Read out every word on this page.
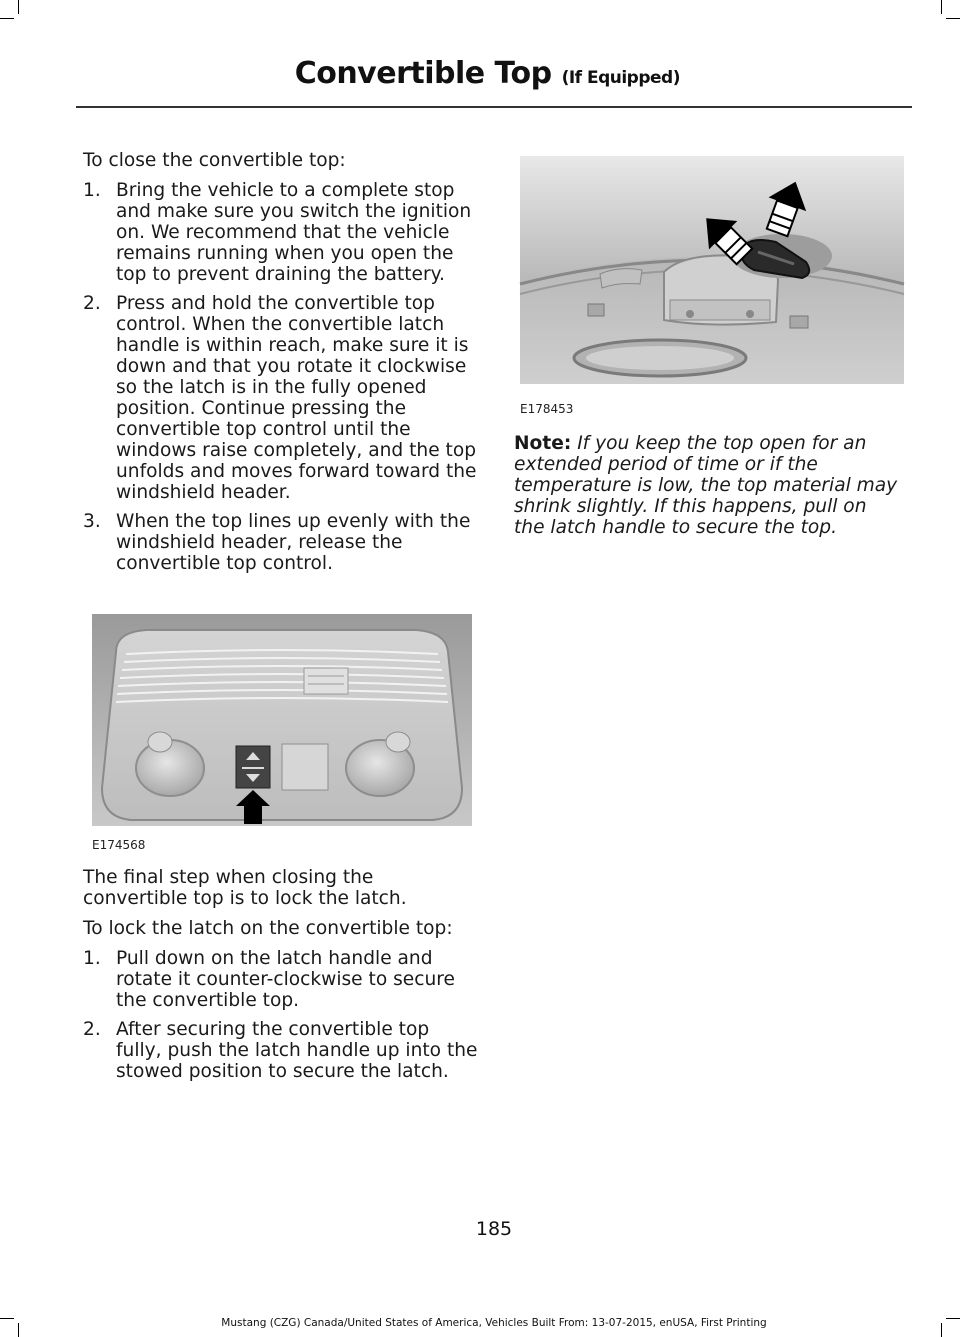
Convertible Top (If Equipped)

To close the convertible top:

1. Bring the vehicle to a complete stop and make sure you switch the ignition on. We recommend that the vehicle remains running when you open the top to prevent draining the battery.
2. Press and hold the convertible top control. When the convertible latch handle is within reach, make sure it is down and that you rotate it clockwise so the latch is in the fully opened position. Continue pressing the convertible top control until the windows raise completely, and the top unfolds and moves forward toward the windshield header.
3. When the top lines up evenly with the windshield header, release the convertible top control.
E174568

The final step when closing the convertible top is to lock the latch.

To lock the latch on the convertible top:

1. Pull down on the latch handle and rotate it counter-clockwise to secure the convertible top.
2. After securing the convertible top fully, push the latch handle up into the stowed position to secure the latch.
E178453

Note: If you keep the top open for an extended period of time or if the temperature is low, the top material may shrink slightly. If this happens, pull on the latch handle to secure the top.

185
Mustang (CZG) Canada/United States of America, Vehicles Built From: 13-07-2015, enUSA, First Printing
